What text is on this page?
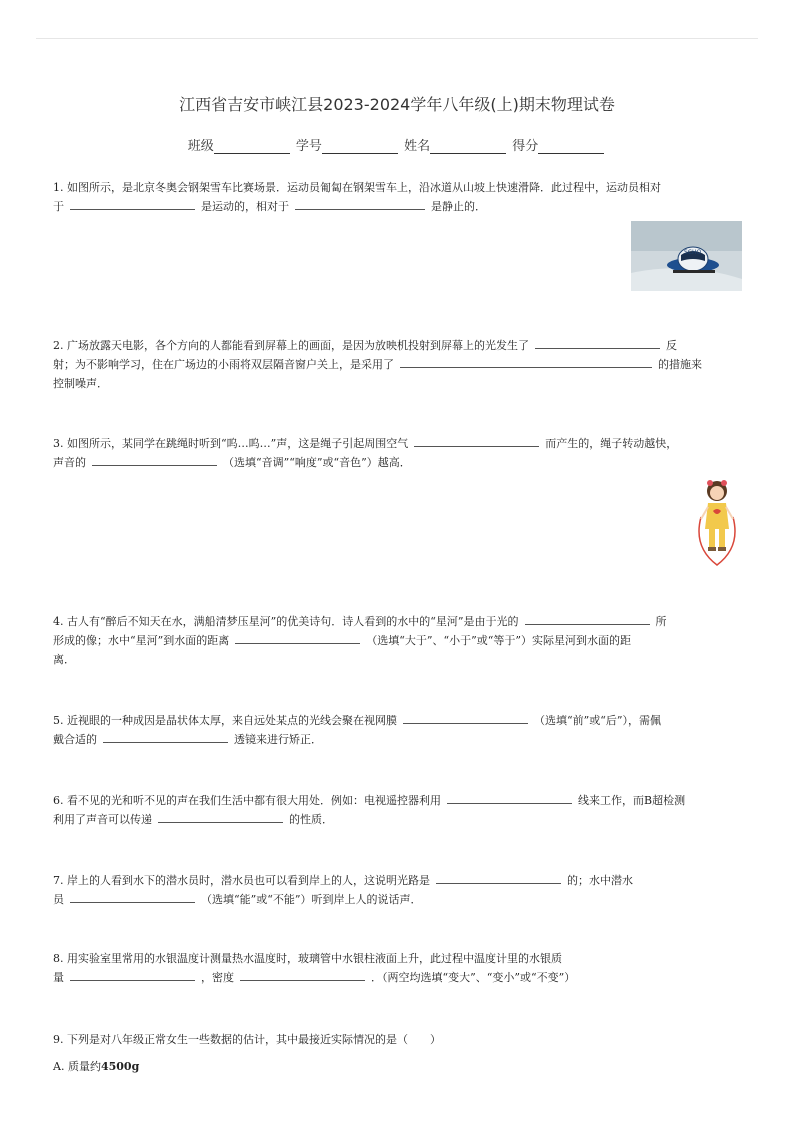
江西省吉安市峡江县2023-2024学年八年级(上)期末物理试卷
班级	学号	姓名	得分
1. 如图所示，是北京冬奥会钢架雪车比赛场景．运动员匍匐在钢架雪车上，沿冰道从山坡上快速滑降．此过程中，运动员相对
于	是运动的，相对于	是静止的．
SCHO
2. 广场放露天电影，各个方向的人都能看到屏幕上的画面，是因为放映机投射到屏幕上的光发生了	反
射；为不影响学习，住在广场边的小雨将双层隔音窗户关上，是采用了	的措施来
控制噪声．
3. 如图所示，某同学在跳绳时听到“呜…呜…”声，这是绳子引起周围空气	而产生的，绳子转动越快，
声音的	（选填“音调”“响度”或“音色”）越高．
4. 古人有“醉后不知天在水，满船清梦压星河”的优美诗句．诗人看到的水中的“星河”是由于光的	所
形成的像；水中“星河”到水面的距离	（选填“大于”、“小于”或“等于”）实际星河到水面的距
离．
5. 近视眼的一种成因是晶状体太厚，来自远处某点的光线会聚在视网膜	（选填“前”或“后”），需佩
戴合适的	透镜来进行矫正．
6. 看不见的光和听不见的声在我们生活中都有很大用处．例如：电视遥控器利用	线来工作，而B超检测
利用了声音可以传递	的性质．
7. 岸上的人看到水下的潜水员时，潜水员也可以看到岸上的人，这说明光路是	的；水中潜水
员	（选填“能”或“不能”）听到岸上人的说话声．
8. 用实验室里常用的水银温度计测量热水温度时，玻璃管中水银柱液面上升，此过程中温度计里的水银质
量	，密度	．（两空均选填“变大”、“变小”或“不变”）
9. 下列是对八年级正常女生一些数据的估计，其中最接近实际情况的是（　　）
A. 质量约4500g
